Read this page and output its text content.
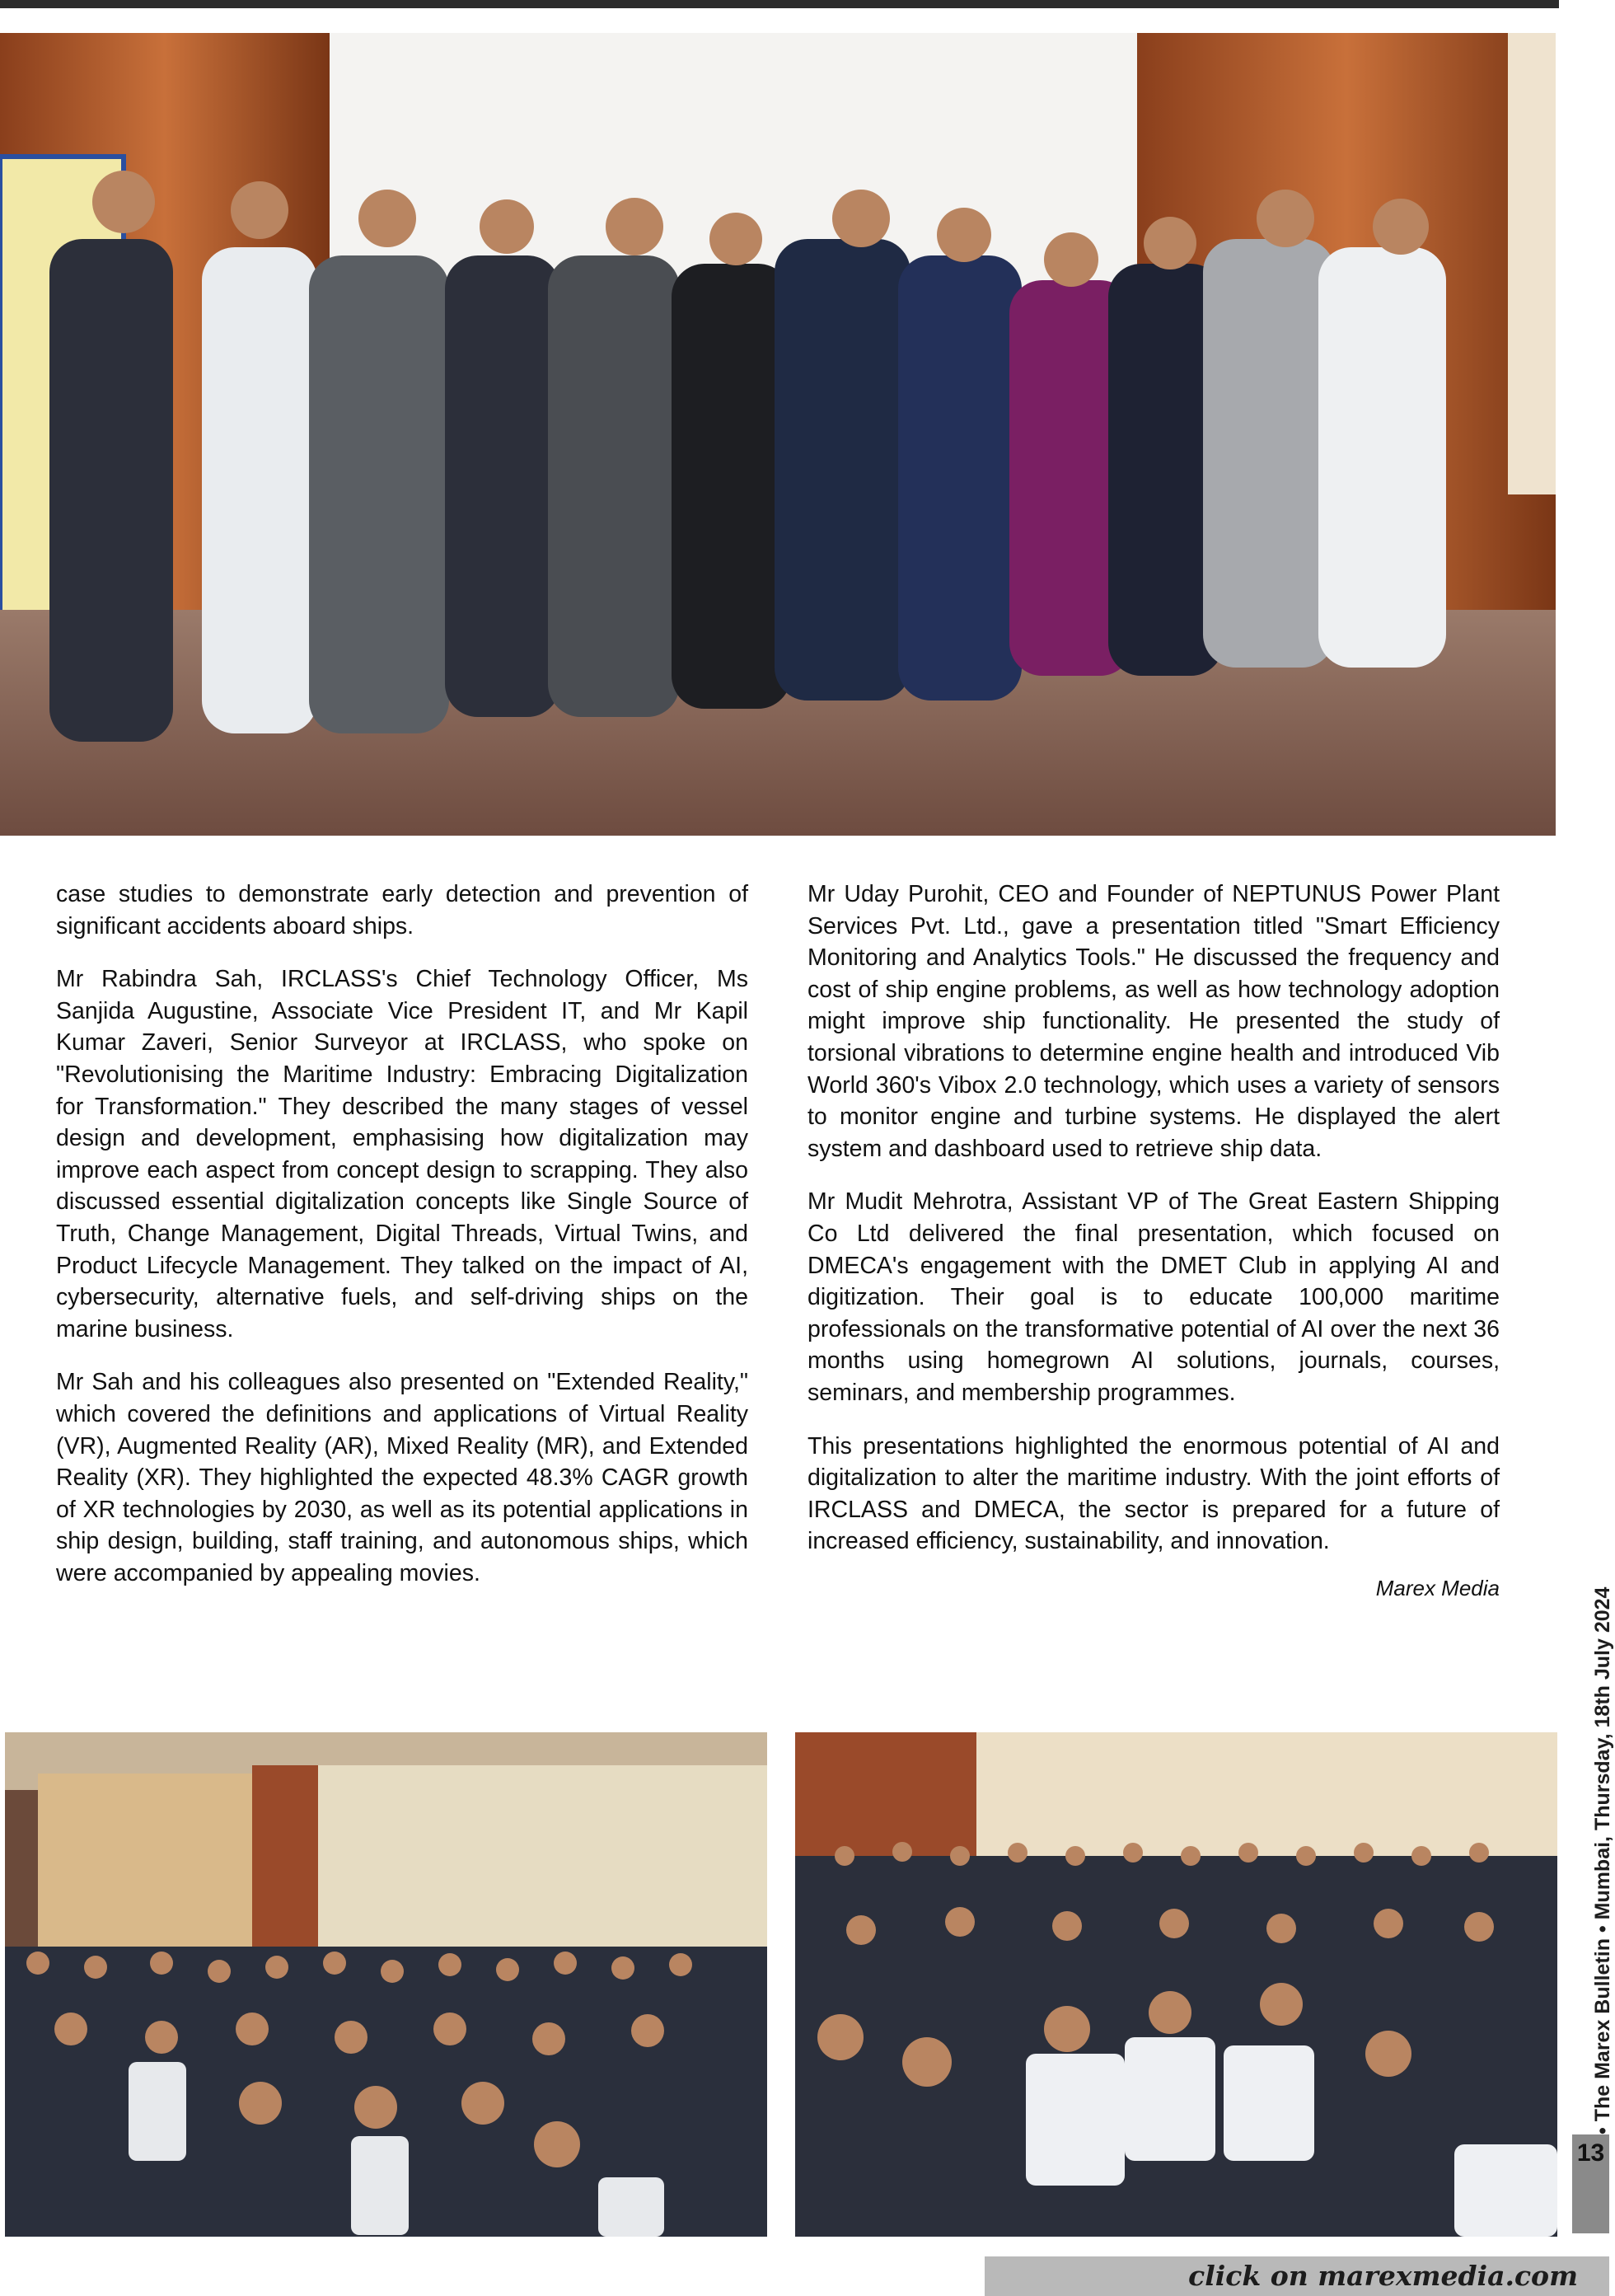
case studies to demonstrate early detection and prevention of significant accidents aboard ships.

Mr Rabindra Sah, IRCLASS's Chief Technology Officer, Ms Sanjida Augustine, Associate Vice President IT, and Mr Kapil Kumar Zaveri, Senior Surveyor at IRCLASS, who spoke on "Revolutionising the Maritime Industry: Embracing Digitalization for Transformation." They described the many stages of vessel design and development, emphasising how digitalization may improve each aspect from concept design to scrapping. They also discussed essential digitalization concepts like Single Source of Truth, Change Management, Digital Threads, Virtual Twins, and Product Lifecycle Management. They talked on the impact of AI, cybersecurity, alternative fuels, and self-driving ships on the marine business.

Mr Sah and his colleagues also presented on "Extended Reality," which covered the definitions and applications of Virtual Reality (VR), Augmented Reality (AR), Mixed Reality (MR), and Extended Reality (XR). They highlighted the expected 48.3% CAGR growth of XR technologies by 2030, as well as its potential applications in ship design, building, staff training, and autonomous ships, which were accompanied by appealing movies.

Mr Uday Purohit, CEO and Founder of NEPTUNUS Power Plant Services Pvt. Ltd., gave a presentation titled "Smart Efficiency Monitoring and Analytics Tools." He discussed the frequency and cost of ship engine problems, as well as how technology adoption might improve ship functionality. He presented the study of torsional vibrations to determine engine health and introduced Vib World 360's Vibox 2.0 technology, which uses a variety of sensors to monitor engine and turbine systems. He displayed the alert system and dashboard used to retrieve ship data.

Mr Mudit Mehrotra, Assistant VP of The Great Eastern Shipping Co Ltd delivered the final presentation, which focused on DMECA's engagement with the DMET Club in applying AI and digitization. Their goal is to educate 100,000 maritime professionals on the transformative potential of AI over the next 36 months using homegrown AI solutions, journals, courses, seminars, and membership programmes.

This presentations highlighted the enormous potential of AI and digitalization to alter the maritime industry. With the joint efforts of IRCLASS and DMECA, the sector is prepared for a future of increased efficiency, sustainability, and innovation.

Marex Media	• The Marex Bulletin • Mumbai, Thursday, 18th July 2024
13
click on marexmedia.com
